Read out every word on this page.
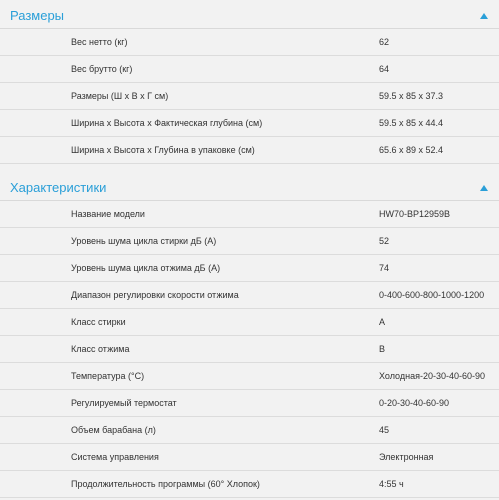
Размеры
Вес нетто (кг)	62
Вес брутто (кг)	64
Размеры (Ш х В х Г см)	59.5 x 85 x 37.3
Ширина х Высота х Фактическая глубина (см)	59.5 x 85 x 44.4
Ширина х Высота х Глубина в упаковке (см)	65.6 x 89 x 52.4
Характеристики
Название модели	HW70-BP12959B
Уровень шума цикла стирки дБ (A)	52
Уровень шума цикла отжима дБ (A)	74
Диапазон регулировки скорости отжима	0-400-600-800-1000-1200
Класс стирки	A
Класс отжима	B
Температура (°C)	Холодная-20-30-40-60-90
Регулируемый термостат	0-20-30-40-60-90
Объем барабана (л)	45
Система управления	Электронная
Продолжительность программы (60° Хлопок)	4:55 ч
